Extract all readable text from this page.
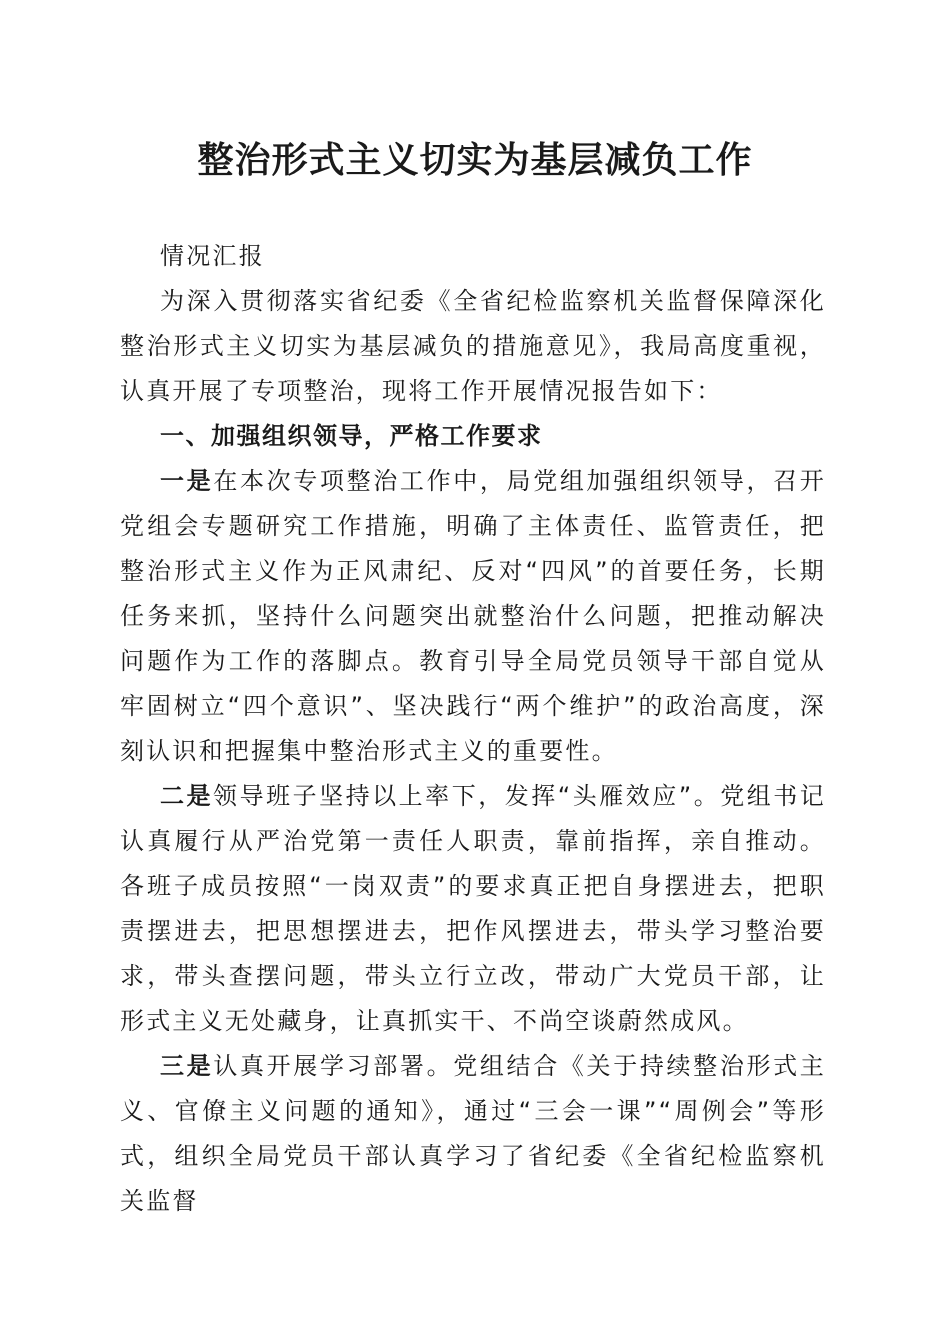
整治形式主义切实为基层减负工作

情况汇报

为深入贯彻落实省纪委《全省纪检监察机关监督保障深化整治形式主义切实为基层减负的措施意见》，我局高度重视，认真开展了专项整治，现将工作开展情况报告如下：

一、加强组织领导，严格工作要求

一是在本次专项整治工作中，局党组加强组织领导，召开党组会专题研究工作措施，明确了主体责任、监管责任，把整治形式主义作为正风肃纪、反对“四风”的首要任务，长期任务来抓，坚持什么问题突出就整治什么问题，把推动解决问题作为工作的落脚点。教育引导全局党员领导干部自觉从牢固树立“四个意识”、坚决践行“两个维护”的政治高度，深刻认识和把握集中整治形式主义的重要性。

二是领导班子坚持以上率下，发挥“头雁效应”。党组书记认真履行从严治党第一责任人职责，靠前指挥，亲自推动。各班子成员按照“一岗双责”的要求真正把自身摆进去，把职责摆进去，把思想摆进去，把作风摆进去，带头学习整治要求，带头查摆问题，带头立行立改，带动广大党员干部，让形式主义无处藏身，让真抓实干、不尚空谈蔚然成风。

三是认真开展学习部署。党组结合《关于持续整治形式主义、官僚主义问题的通知》，通过“三会一课”“周例会”等形式，组织全局党员干部认真学习了省纪委《全省纪检监察机关监督
